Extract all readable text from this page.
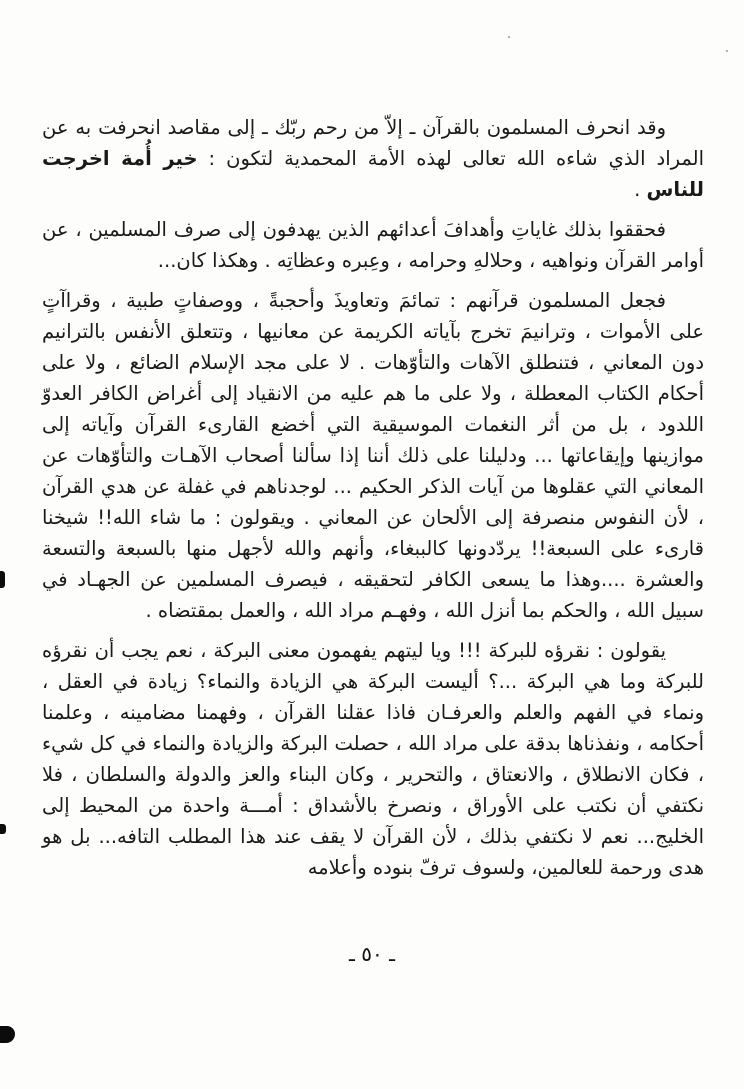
وقد انحرف المسلمون بالقرآن ـ إلاّ من رحم ربّك ـ إلى مقاصد انحرفت به عن المراد الذي شاءه الله تعالى لهذه الأمة المحمدية لتكون : خير أُمة اخرجت للناس .

فحققوا بذلك غاياتِ وأهدافَ أعدائهم الذين يهدفون إلى صرف المسلمين ، عن أوامر القرآن ونواهيه ، وحلالهِ وحرامه ، وعِبره وعظاتِه . وهكذا كان...

فجعل المسلمون قرآنهم : تمائمَ وتعاويذَ وأحجبةً ، ووصفاتٍ طبية ، وقراآتٍ على الأموات ، وترانيمَ تخرج بآياته الكريمة عن معانيها ، وتتعلق الأنفس بالترانيم دون المعاني ، فتنطلق الآهات والتأوّهات . لا على مجد الإسلام الضائع ، ولا على أحكام الكتاب المعطلة ، ولا على ما هم عليه من الانقياد إلى أغراض الكافر العدوّ اللدود ، بل من أثر النغمات الموسيقية التي أخضع القارىء القرآن وآياته إلى موازينها وإيقاعاتها ... ودليلنا على ذلك أننا إذا سألنا أصحاب الآهـات والتأوّهات عن المعاني التي عقلوها من آيات الذكر الحكيم ... لوجدناهم في غفلة عن هدي القرآن ، لأن النفوس منصرفة إلى الألحان عن المعاني . ويقولون : ما شاء الله!! شيخنا قارىء على السبعة!! يردّدونها كالببغاء، وأنهم والله لأجهل منها بالسبعة والتسعة والعشرة ....وهذا ما يسعى الكافر لتحقيقه ، فيصرف المسلمين عن الجهـاد في سبيل الله ، والحكم بما أنزل الله ، وفهـم مراد الله ، والعمل بمقتضاه .

يقولون : نقرؤه للبركة !!! ويا ليتهم يفهمون معنى البركة ، نعم يجب أن نقرؤه للبركة وما هي البركة ...؟ أليست البركة هي الزيادة والنماء؟ زيادة في العقل ، ونماء في الفهم والعلم والعرفـان فاذا عقلنا القرآن ، وفهمنا مضامينه ، وعلمنا أحكامه ، ونفذناها بدقة على مراد الله ، حصلت البركة والزيادة والنماء في كل شيء ، فكان الانطلاق ، والانعتاق ، والتحرير ، وكان البناء والعز والدولة والسلطان ، فلا نكتفي أن نكتب على الأوراق ، ونصرخ بالأشداق : أمـــة واحدة من المحيط إلى الخليج... نعم لا نكتفي بذلك ، لأن القرآن لا يقف عند هذا المطلب التافه... بل هو هدى ورحمة للعالمين، ولسوف ترفّ بنوده وأعلامه

ـ ٥٠ ـ
